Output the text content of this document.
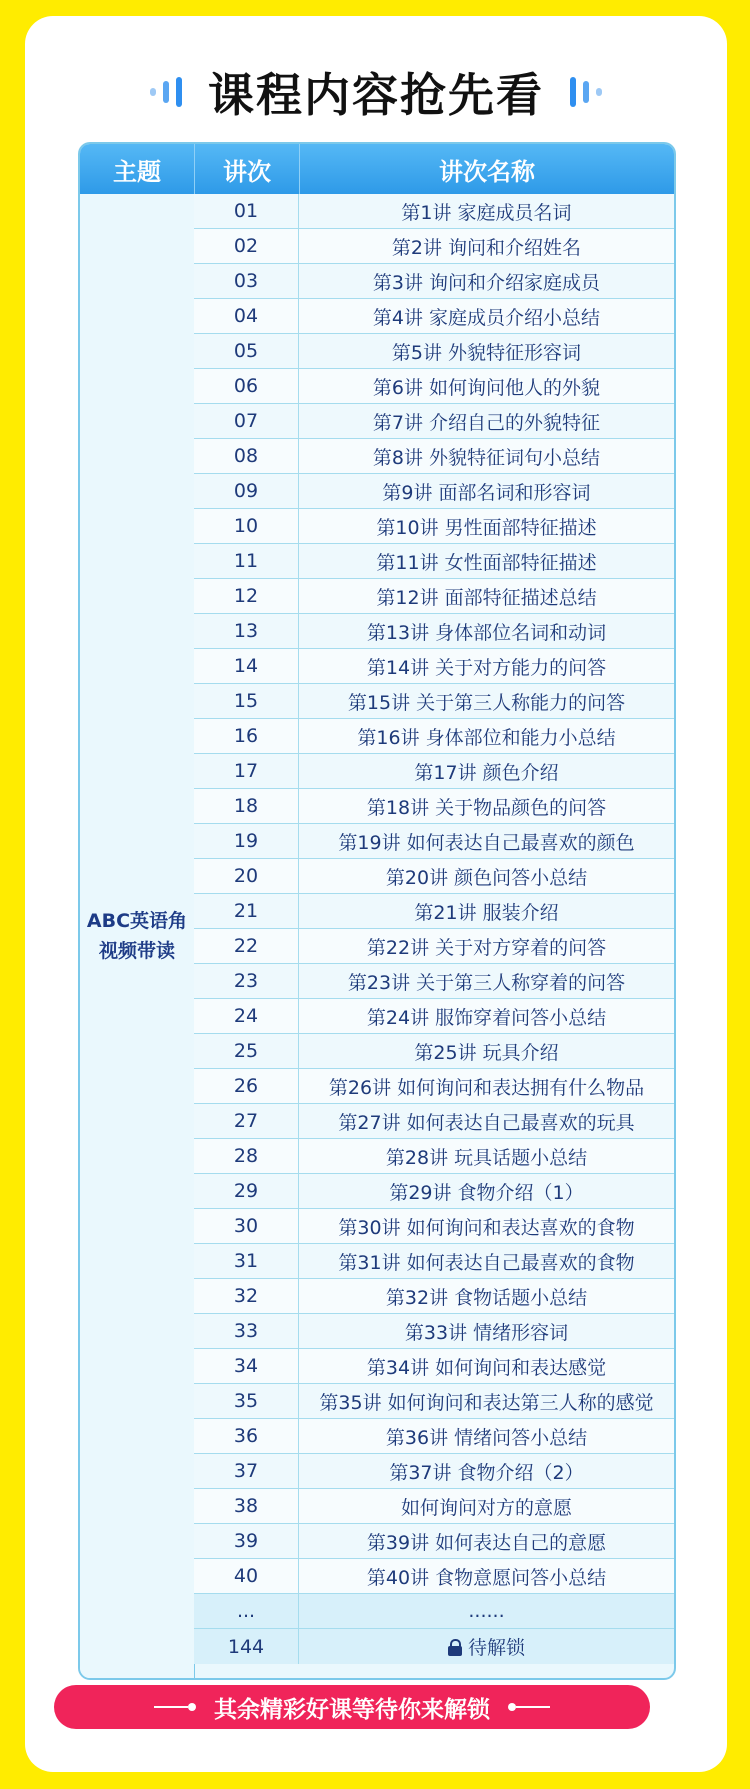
课程内容抢先看
主题	讲次	讲次名称
ABC英语角
视频带读
01	第1讲 家庭成员名词
02	第2讲 询问和介绍姓名
03	第3讲 询问和介绍家庭成员
04	第4讲 家庭成员介绍小总结
05	第5讲 外貌特征形容词
06	第6讲 如何询问他人的外貌
07	第7讲 介绍自己的外貌特征
08	第8讲 外貌特征词句小总结
09	第9讲 面部名词和形容词
10	第10讲 男性面部特征描述
11	第11讲 女性面部特征描述
12	第12讲 面部特征描述总结
13	第13讲 身体部位名词和动词
14	第14讲 关于对方能力的问答
15	第15讲 关于第三人称能力的问答
16	第16讲 身体部位和能力小总结
17	第17讲 颜色介绍
18	第18讲 关于物品颜色的问答
19	第19讲 如何表达自己最喜欢的颜色
20	第20讲 颜色问答小总结
21	第21讲 服装介绍
22	第22讲 关于对方穿着的问答
23	第23讲 关于第三人称穿着的问答
24	第24讲 服饰穿着问答小总结
25	第25讲 玩具介绍
26	第26讲 如何询问和表达拥有什么物品
27	第27讲 如何表达自己最喜欢的玩具
28	第28讲 玩具话题小总结
29	第29讲 食物介绍（1）
30	第30讲 如何询问和表达喜欢的食物
31	第31讲 如何表达自己最喜欢的食物
32	第32讲 食物话题小总结
33	第33讲 情绪形容词
34	第34讲 如何询问和表达感觉
35	第35讲 如何询问和表达第三人称的感觉
36	第36讲 情绪问答小总结
37	第37讲 食物介绍（2）
38	如何询问对方的意愿
39	第39讲 如何表达自己的意愿
40	第40讲 食物意愿问答小总结
...	......
144	待解锁
其余精彩好课等待你来解锁
